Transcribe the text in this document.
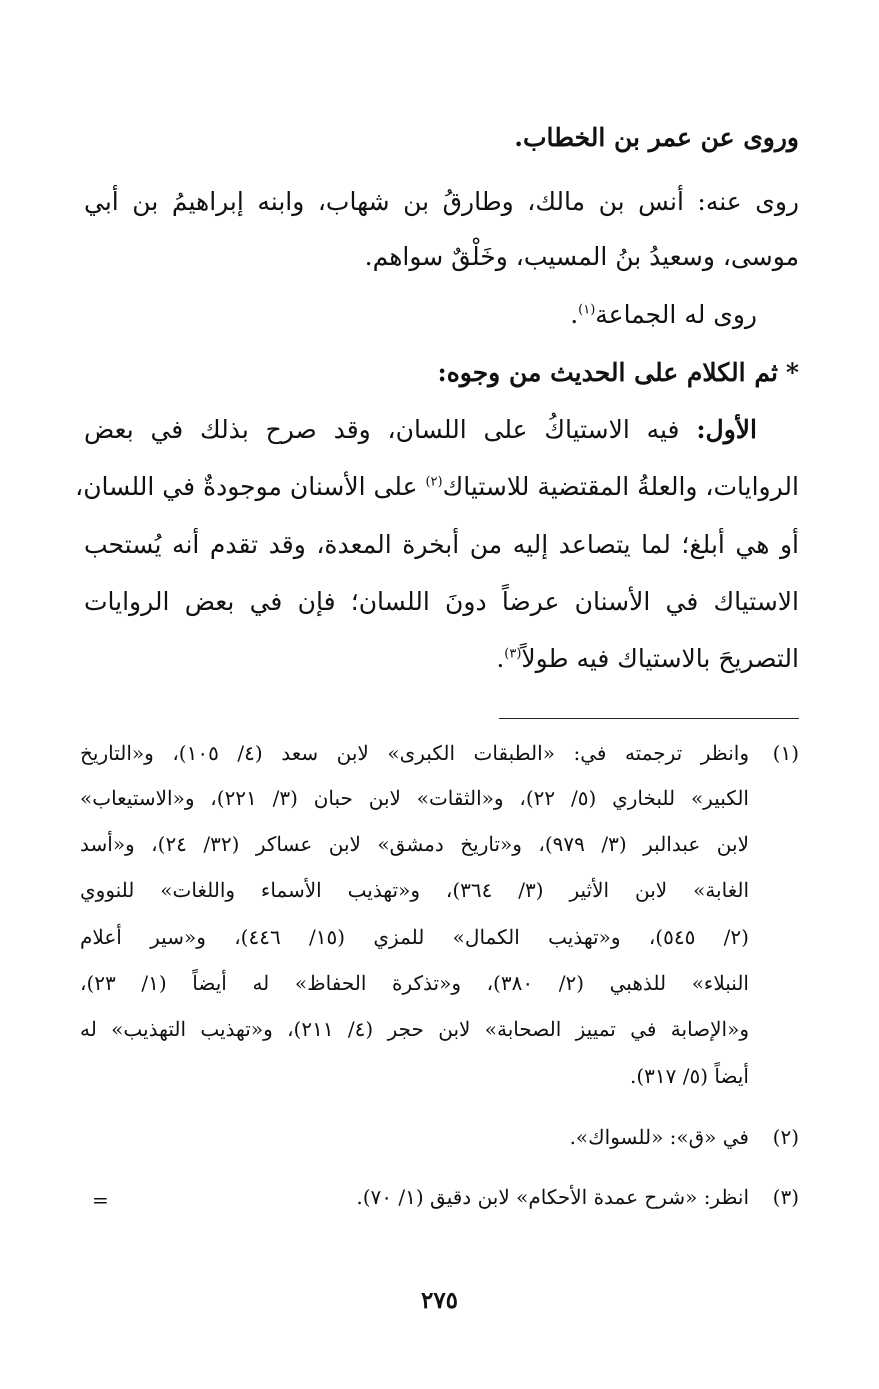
وروى عن عمر بن الخطاب.
روى عنه: أنس بن مالك، وطارقُ بن شهاب، وابنه إبراهيمُ بن أبي
موسى، وسعيدُ بنُ المسيب، وخَلْقٌ سواهم.
روى له الجماعة$^{(١)}$.
*ثم الكلام على الحديث من وجوه:
الأول: فيه الاستياكُ على اللسان، وقد صرح بذلك في بعض
الروايات، والعلةُ المقتضية للاستياك$^{(٢)}$ على الأسنان موجودةٌ في اللسان،
أو هي أبلغ؛ لما يتصاعد إليه من أبخرة المعدة، وقد تقدم أنه يُستحب
الاستياك في الأسنان عرضاً دونَ اللسان؛ فإن في بعض الروايات
التصريحَ بالاستياك فيه طولاً$^{(٣)}$.
(١)
وانظر ترجمته في: «الطبقات الكبرى» لابن سعد (٤/ ١٠٥)، و«التاريخ
الكبير» للبخاري (٥/ ٢٢)، و«الثقات» لابن حبان (٣/ ٢٢١)، و«الاستيعاب»
لابن عبدالبر (٣/ ٩٧٩)، و«تاريخ دمشق» لابن عساكر (٣٢/ ٢٤)، و«أسد
الغابة» لابن الأثير (٣/ ٣٦٤)، و«تهذيب الأسماء واللغات» للنووي
(٢/ ٥٤٥)، و«تهذيب الكمال» للمزي (١٥/ ٤٤٦)، و«سير أعلام
النبلاء» للذهبي (٢/ ٣٨٠)، و«تذكرة الحفاظ» له أيضاً (١/ ٢٣)،
و«الإصابة في تمييز الصحابة» لابن حجر (٤/ ٢١١)، و«تهذيب التهذيب» له
أيضاً (٥/ ٣١٧).
(٢)
في «ق»: «للسواك».
(٣)
انظر: «شرح عمدة الأحكام» لابن دقيق (١/ ٧٠).
=
٢٧٥
